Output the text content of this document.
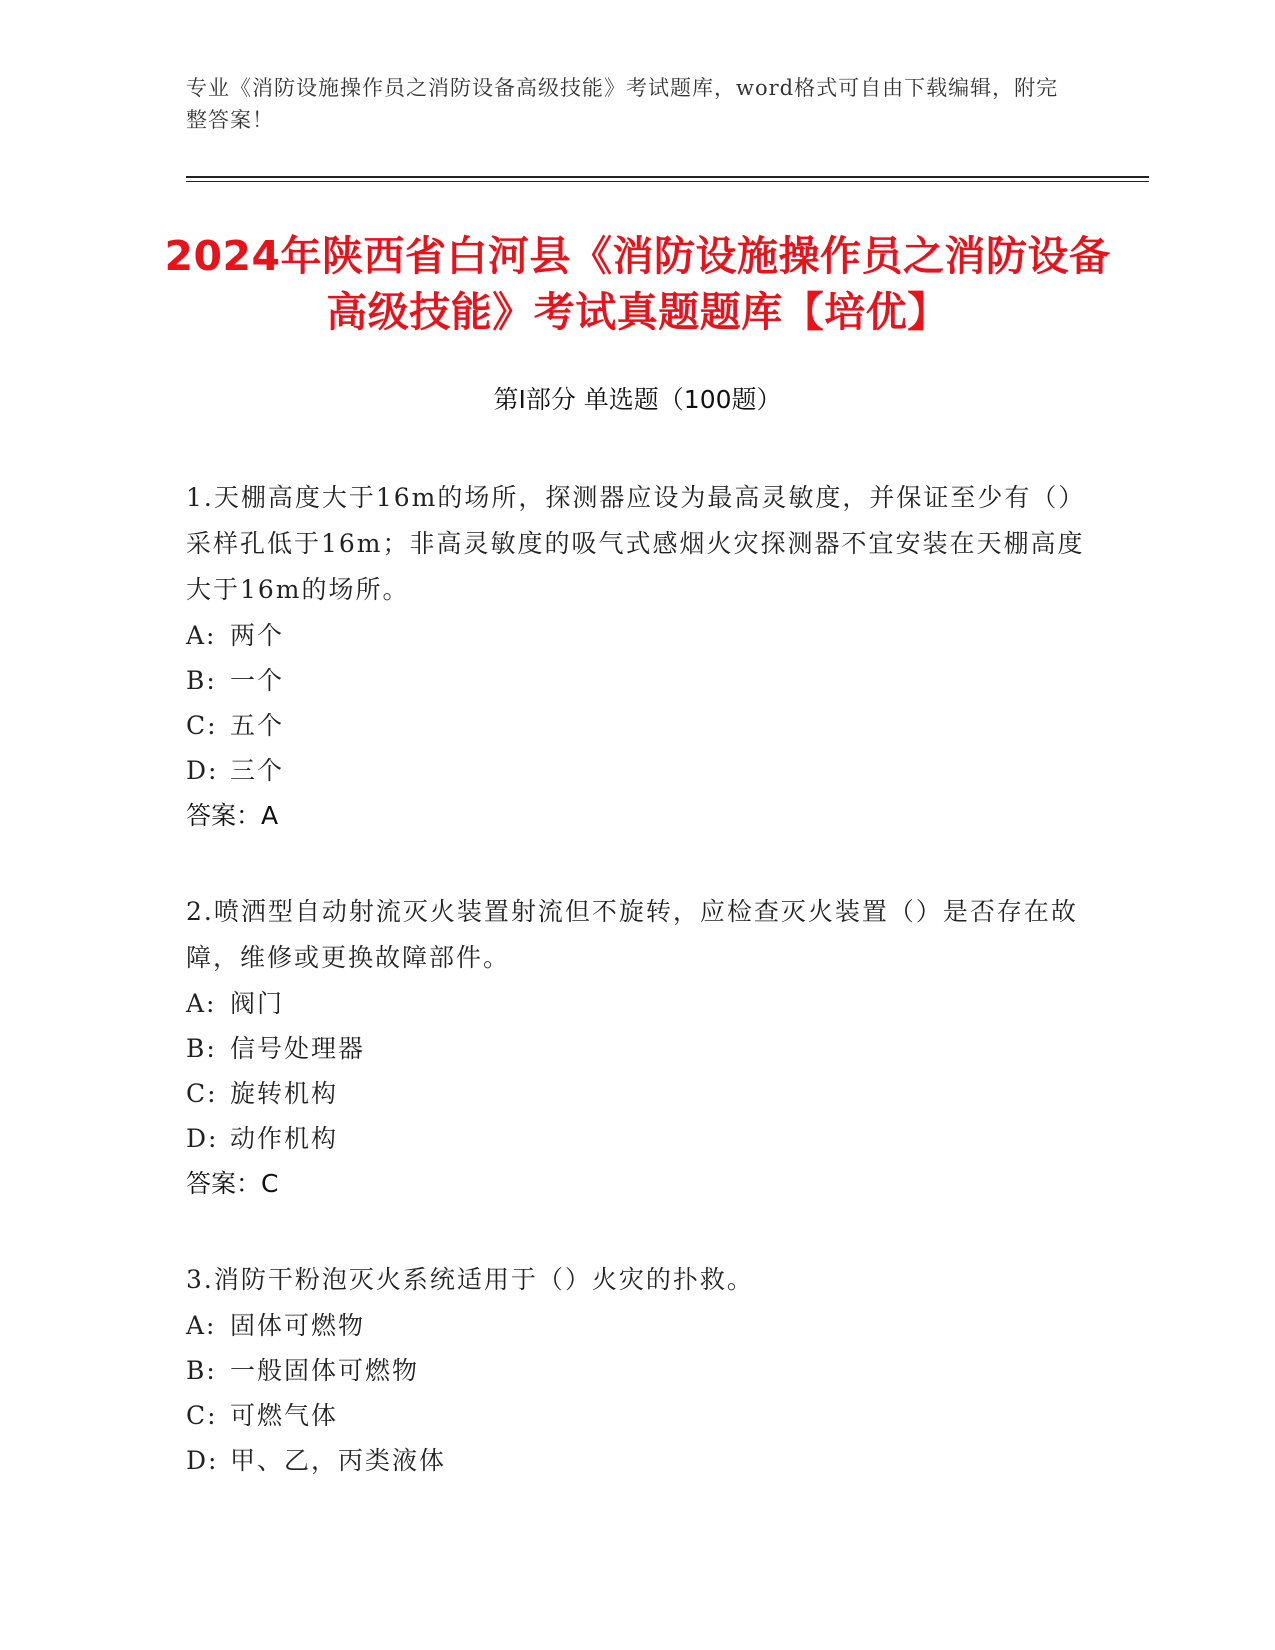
专业《消防设施操作员之消防设备高级技能》考试题库，word格式可自由下载编辑，附完整答案！
2024年陕西省白河县《消防设施操作员之消防设备高级技能》考试真题题库【培优】
第I部分 单选题（100题）
1.天棚高度大于16m的场所，探测器应设为最高灵敏度，并保证至少有（）采样孔低于16m；非高灵敏度的吸气式感烟火灾探测器不宜安装在天棚高度大于16m的场所。
A: 两个
B: 一个
C: 五个
D: 三个
答案：A
2.喷洒型自动射流灭火装置射流但不旋转，应检查灭火装置（）是否存在故障，维修或更换故障部件。
A: 阀门
B: 信号处理器
C: 旋转机构
D: 动作机构
答案：C
3.消防干粉泡灭火系统适用于（）火灾的扑救。
A: 固体可燃物
B: 一般固体可燃物
C: 可燃气体
D: 甲、乙，丙类液体
